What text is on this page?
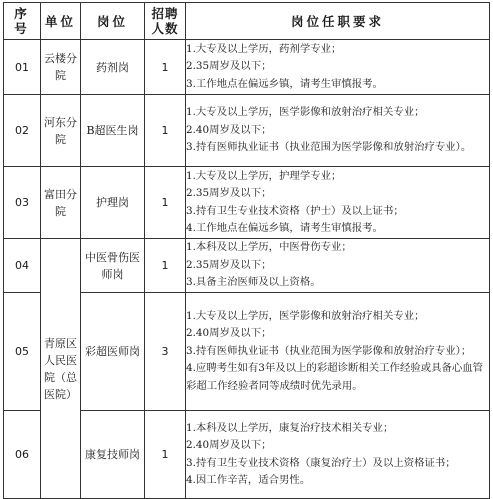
序
号	单位	岗位	招聘
人数	岗位任职要求
01	云楼分院	药剂岗	1	1.大专及以上学历，药剂学专业；
2.35周岁及以下；
3.工作地点在偏远乡镇，请考生审慎报考。

02	河东分院	B超医生岗	1	1.大专及以上学历，医学影像和放射治疗相关专业；
2.40周岁及以下；
3.持有医师执业证书（执业范围为医学影像和放射治疗专业）。

03	富田分院	护理岗	1	1.大专及以上学历，护理学专业；
2.35周岁及以下；
3.持有卫生专业技术资格（护士）及以上证书；
4.工作地点在偏远乡镇，请考生审慎报考。

04	青原区人民医院（总医院）	中医骨伤医师岗	1	1.本科及以上学历，中医骨伤专业；
2.35周岁及以下；
3.具备主治医师及以上资格。

05		彩超医师岗	3	1.大专及以上学历，医学影像和放射治疗相关专业；
2.40周岁及以下；
3.持有医师执业证书（执业范围为医学影像和放射治疗专业）；
4.应聘考生如有3年及以上的彩超诊断相关工作经验或具备心血管彩超工作经验者同等成绩时优先录用。

06		康复技师岗	1	1.本科及以上学历，康复治疗技术相关专业；
2.40周岁及以下；
3.持有卫生专业技术资格（康复治疗士）及以上资格证书；
4.因工作辛苦，适合男性。
